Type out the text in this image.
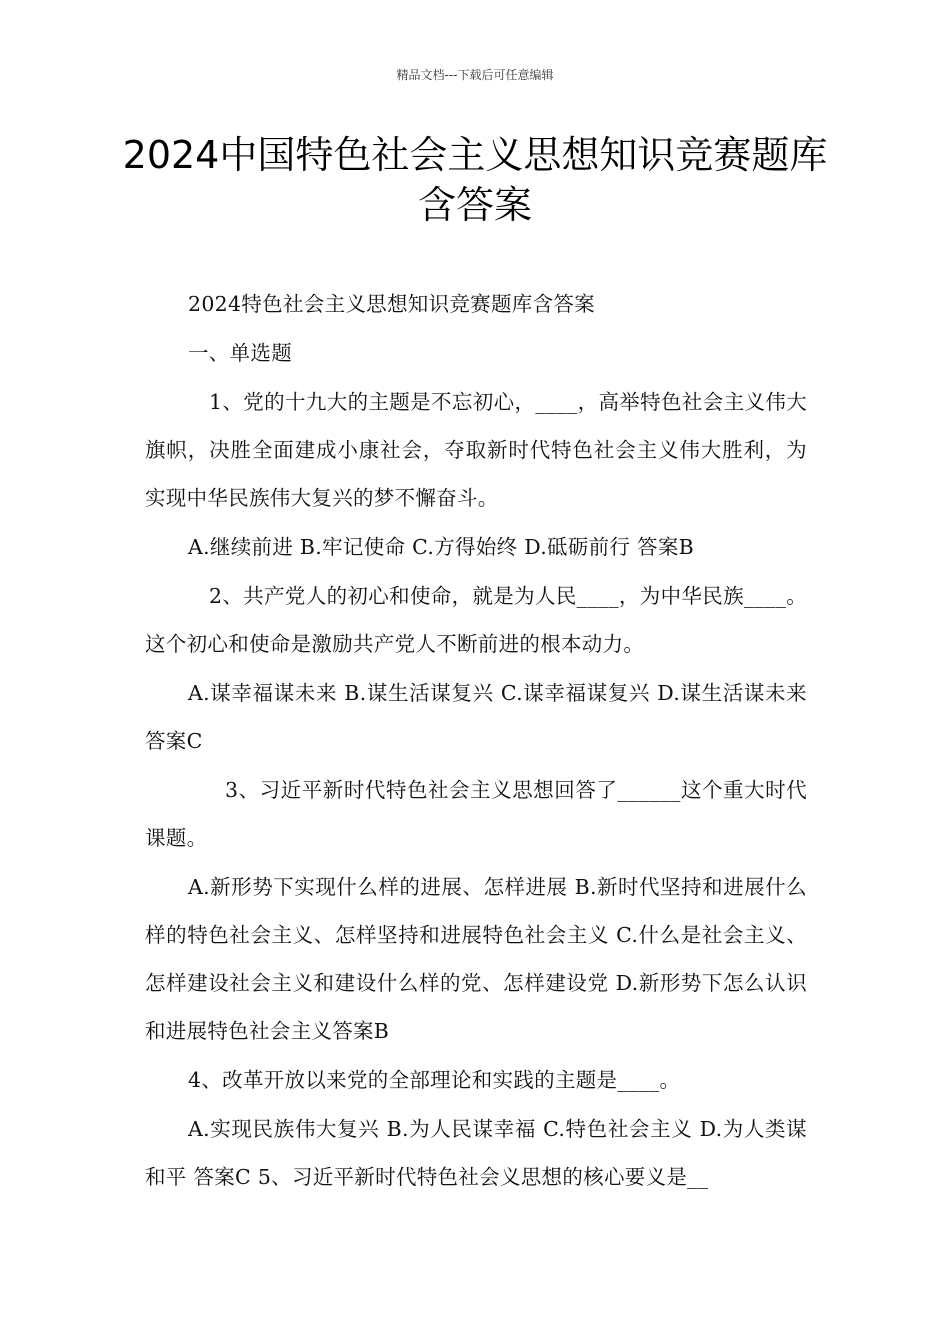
精品文档---下载后可任意编辑
2024中国特色社会主义思想知识竞赛题库含答案

2024特色社会主义思想知识竞赛题库含答案

一、单选题

1、党的十九大的主题是不忘初心，____，高举特色社会主义伟大旗帜，决胜全面建成小康社会，夺取新时代特色社会主义伟大胜利，为实现中华民族伟大复兴的梦不懈奋斗。

A.继续前进 B.牢记使命 C.方得始终 D.砥砺前行 答案B

2、共产党人的初心和使命，就是为人民____，为中华民族____。这个初心和使命是激励共产党人不断前进的根本动力。

A.谋幸福谋未来 B.谋生活谋复兴 C.谋幸福谋复兴 D.谋生活谋未来 答案C

3、习近平新时代特色社会主义思想回答了______这个重大时代课题。

A.新形势下实现什么样的进展、怎样进展 B.新时代坚持和进展什么样的特色社会主义、怎样坚持和进展特色社会主义 C.什么是社会主义、怎样建设社会主义和建设什么样的党、怎样建设党 D.新形势下怎么认识和进展特色社会主义答案B

4、改革开放以来党的全部理论和实践的主题是____。

A.实现民族伟大复兴 B.为人民谋幸福 C.特色社会主义 D.为人类谋和平 答案C 5、习近平新时代特色社会义思想的核心要义是__
